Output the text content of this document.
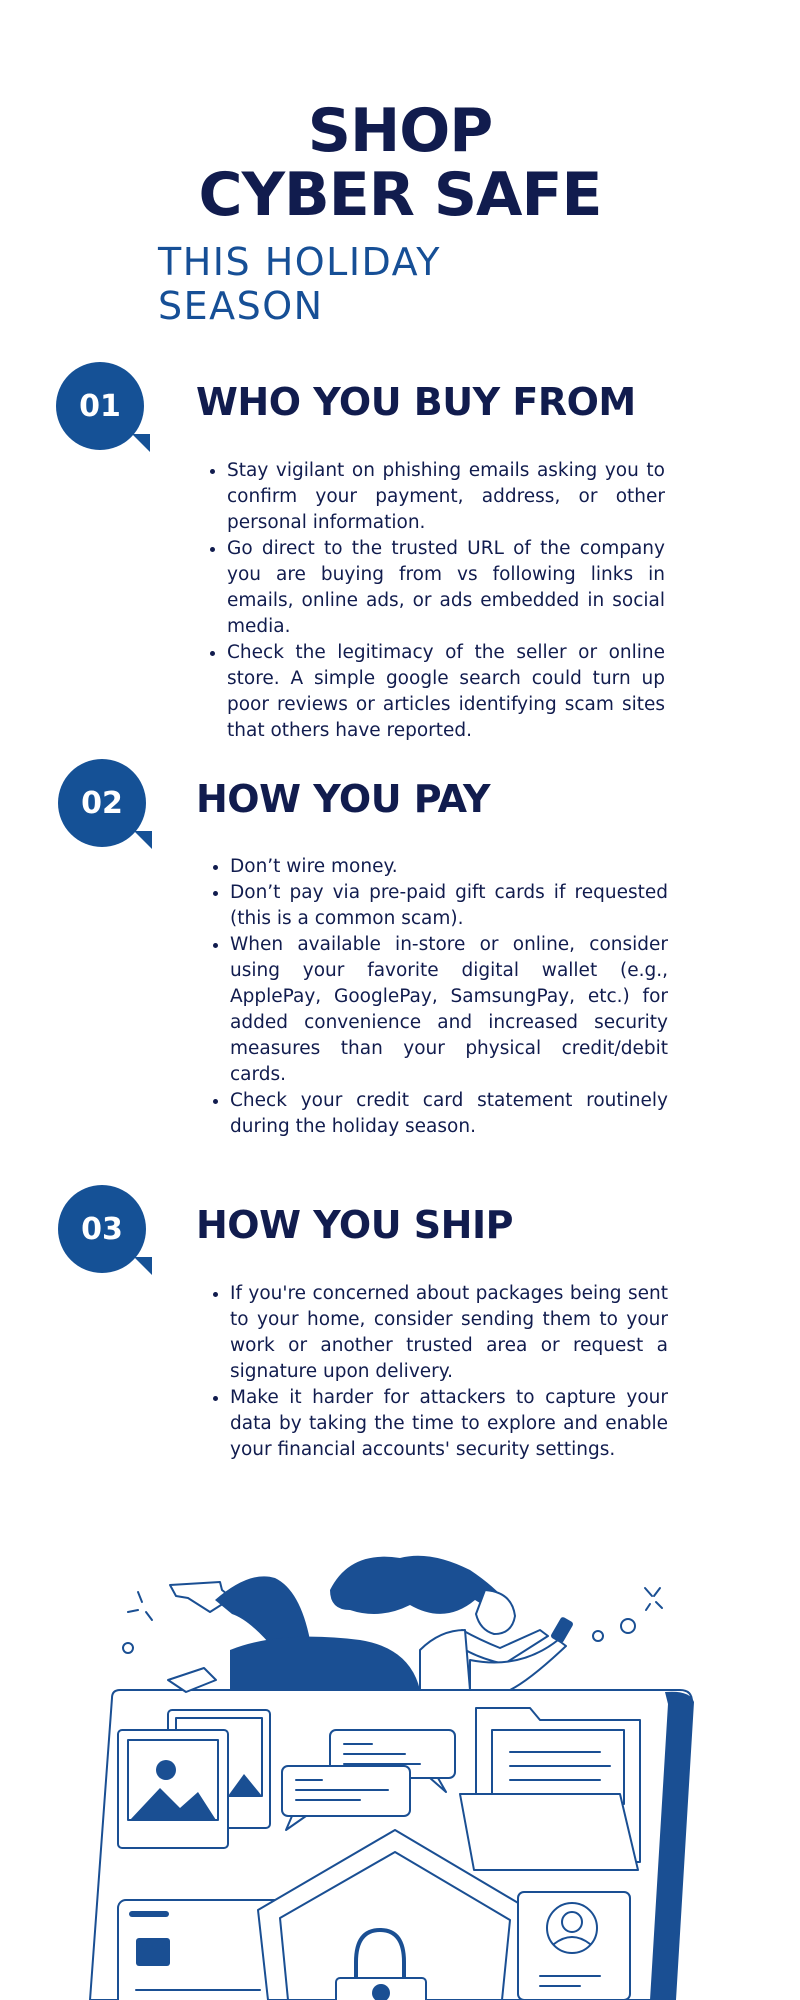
SHOP
CYBER SAFE
THIS HOLIDAY SEASON
01 WHO YOU BUY FROM
• Stay vigilant on phishing emails asking you to confirm your payment, address, or other personal information.
• Go direct to the trusted URL of the company you are buying from vs following links in emails, online ads, or ads embedded in social media.
• Check the legitimacy of the seller or online store. A simple google search could turn up poor reviews or articles identifying scam sites that others have reported.
02 HOW YOU PAY
• Don’t wire money.
• Don’t pay via pre-paid gift cards if requested (this is a common scam).
• When available in-store or online, consider using your favorite digital wallet (e.g., ApplePay, GooglePay, SamsungPay, etc.) for added convenience and increased security measures than your physical credit/debit cards.
• Check your credit card statement routinely during the holiday season.
03 HOW YOU SHIP
• If you're concerned about packages being sent to your home, consider sending them to your work or another trusted area or request a signature upon delivery.
• Make it harder for attackers to capture your data by taking the time to explore and enable your financial accounts' security settings.
